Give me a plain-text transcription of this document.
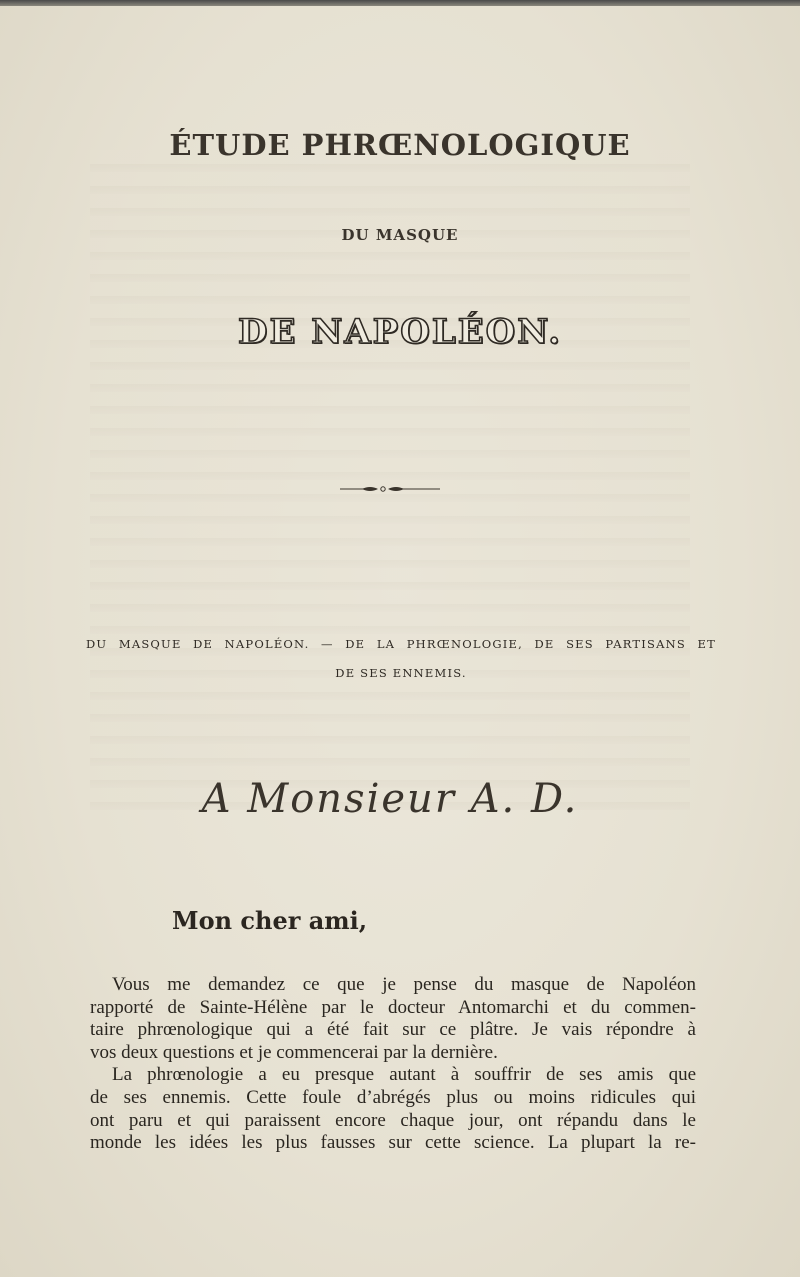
ÉTUDE PHRŒNOLOGIQUE
DU MASQUE
DE NAPOLÉON.
DU MASQUE DE NAPOLÉON. — DE LA PHRŒNOLOGIE, DE SES PARTISANS ET
DE SES ENNEMIS.
A Monsieur A. D.
Mon cher ami,

Vous me demandez ce que je pense du masque de Napoléon
rapporté de Sainte-Hélène par le docteur Antomarchi et du commen-
taire phrœnologique qui a été fait sur ce plâtre. Je vais répondre à
vos deux questions et je commencerai par la dernière.

La phrœnologie a eu presque autant à souffrir de ses amis que
de ses ennemis. Cette foule d’abrégés plus ou moins ridicules qui
ont paru et qui paraissent encore chaque jour, ont répandu dans le
monde les idées les plus fausses sur cette science. La plupart la re-
